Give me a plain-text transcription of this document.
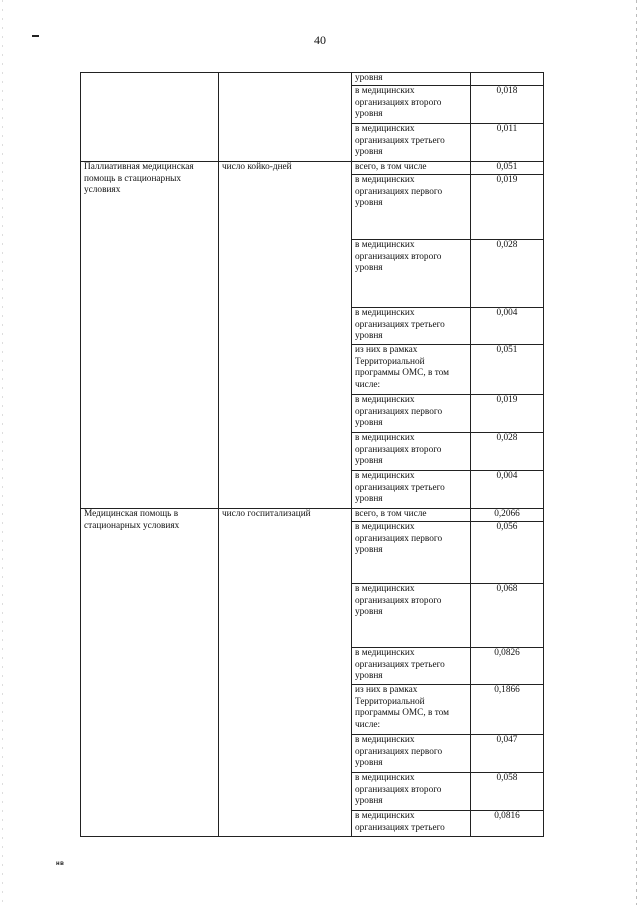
40
		уровня	
		в медицинских организациях второго уровня	0,018
		в медицинских организациях третьего уровня	0,011
Паллиативная медицинская помощь в стационарных условиях	число койко-дней	всего, в том числе	0,051
		в медицинских организациях первого уровня	0,019
		в медицинских организациях второго уровня	0,028
		в медицинских организациях третьего уровня	0,004
		из них в рамках Территориальной программы ОМС, в том числе:	0,051
		в медицинских организациях первого уровня	0,019
		в медицинских организациях второго уровня	0,028
		в медицинских организациях третьего уровня	0,004
Медицинская помощь в стационарных условиях	число госпитализаций	всего, в том числе	0,2066
		в медицинских организациях первого уровня	0,056
		в медицинских организациях второго уровня	0,068
		в медицинских организациях третьего уровня	0,0826
		из них в рамках Территориальной программы ОМС, в том числе:	0,1866
		в медицинских организациях первого уровня	0,047
		в медицинских организациях второго уровня	0,058
		в медицинских организациях третьего	0,0816
нв
